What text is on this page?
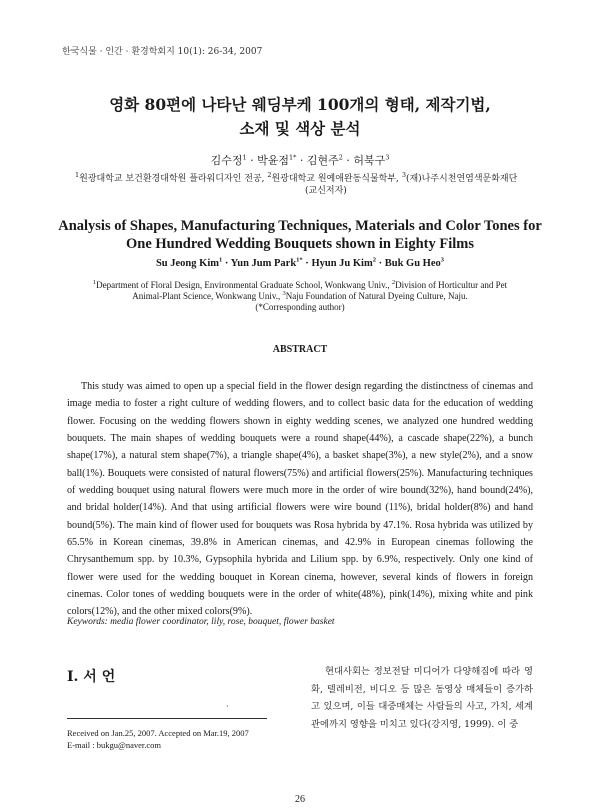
한국식물 · 인간 · 환경학회지 10(1): 26-34, 2007
영화 80편에 나타난 웨딩부케 100개의 형태, 제작기법,
소재 및 색상 분석
김수정$^1$ · 박윤점$^{1*}$ · 김현주$^2$ · 허북구$^3$
$^1$원광대학교 보건환경대학원 플라워디자인 전공, $^2$원광대학교 원예애완동식물학부, $^3$(재)나주시천연염색문화재단
(교신저자)
Analysis of Shapes, Manufacturing Techniques, Materials and Color Tones for One Hundred Wedding Bouquets shown in Eighty Films
Su Jeong Kim$^1$ · Yun Jum Park$^{1*}$ · Hyun Ju Kim$^2$ · Buk Gu Heo$^3$
$^1$Department of Floral Design, Environmental Graduate School, Wonkwang Univ., $^2$Division of Horticultur and Pet
Animal-Plant Science, Wonkwang Univ., $^3$Naju Foundation of Natural Dyeing Culture, Naju.
(*Corresponding author)
ABSTRACT

This study was aimed to open up a special field in the flower design regarding the distinctness of cinemas and image media to foster a right culture of wedding flowers, and to collect basic data for the education of wedding flower. Focusing on the wedding flowers shown in eighty wedding scenes, we analyzed one hundred wedding bouquets. The main shapes of wedding bouquets were a round shape(44%), a cascade shape(22%), a bunch shape(17%), a natural stem shape(7%), a triangle shape(4%), a basket shape(3%), a new style(2%), and a snow ball(1%). Bouquets were consisted of natural flowers(75%) and artificial flowers(25%). Manufacturing techniques of wedding bouquet using natural flowers were much more in the order of wire bound(32%), hand bound(24%), and bridal holder(14%). And that using artificial flowers were wire bound (11%), bridal holder(8%) and hand bound(5%). The main kind of flower used for bouquets was Rosa hybrida by 47.1%. Rosa hybrida was utilized by 65.5% in Korean cinemas, 39.8% in American cinemas, and 42.9% in European cinemas following the Chrysanthemum spp. by 10.3%, Gypsophila hybrida and Lilium spp. by 6.9%, respectively. Only one kind of flower were used for the wedding bouquet in Korean cinema, however, several kinds of flowers in foreign cinemas. Color tones of wedding bouquets were in the order of white(48%), pink(14%), mixing white and pink colors(12%), and the other mixed colors(9%).

Keywords: media flower coordinator, lily, rose, bouquet, flower basket
Ⅰ. 서 언
·
Received on Jan.25, 2007. Accepted on Mar.19, 2007
E-mail : bukgu@naver.com

현대사회는 정보전달 미디어가 다양해짐에 따라 영화, 텔레비전, 비디오 등 많은 동영상 매체들이 증가하고 있으며, 이들 대중매체는 사람들의 사고, 가치, 세계관에까지 영향을 미치고 있다(강지영, 1999). 이 중

26
